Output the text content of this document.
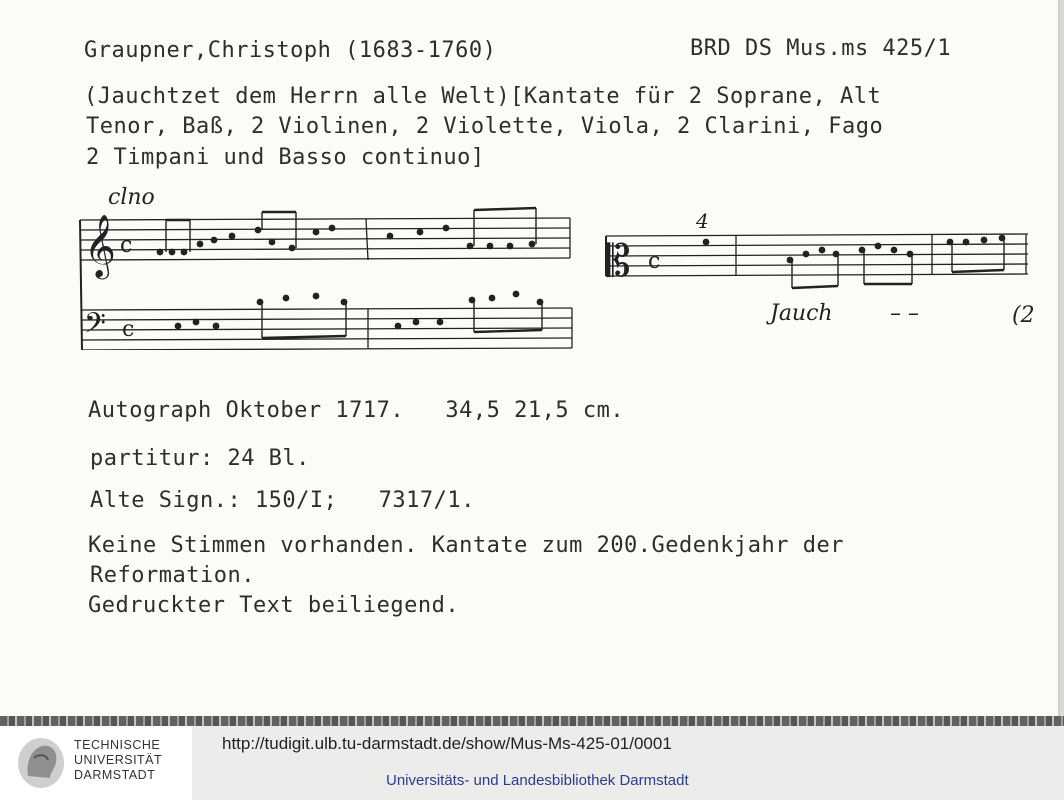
Graupner,Christoph (1683-1760)	BRD DS Mus.ms 425/1
(Jauchtzet dem Herrn alle Welt)[Kantate für 2 Soprane, Alt
Tenor, Baß, 2 Violinen, 2 Violette, Viola, 2 Clarini, Fago
2 Timpani und Basso continuo]
𝄞
𝄢
𝄡
c
c
c
clno
4
Jauch	– –	(2
Autograph Oktober 1717.   34,5 21,5 cm.
partitur: 24 Bl.
Alte Sign.: 150/I;   7317/1.
Keine Stimmen vorhanden. Kantate zum 200.Gedenkjahr der
Reformation.
Gedruckter Text beiliegend.
TECHNISCHE
UNIVERSITÄT
DARMSTADT
http://tudigit.ulb.tu-darmstadt.de/show/Mus-Ms-425-01/0001
Universitäts- und Landesbibliothek Darmstadt
